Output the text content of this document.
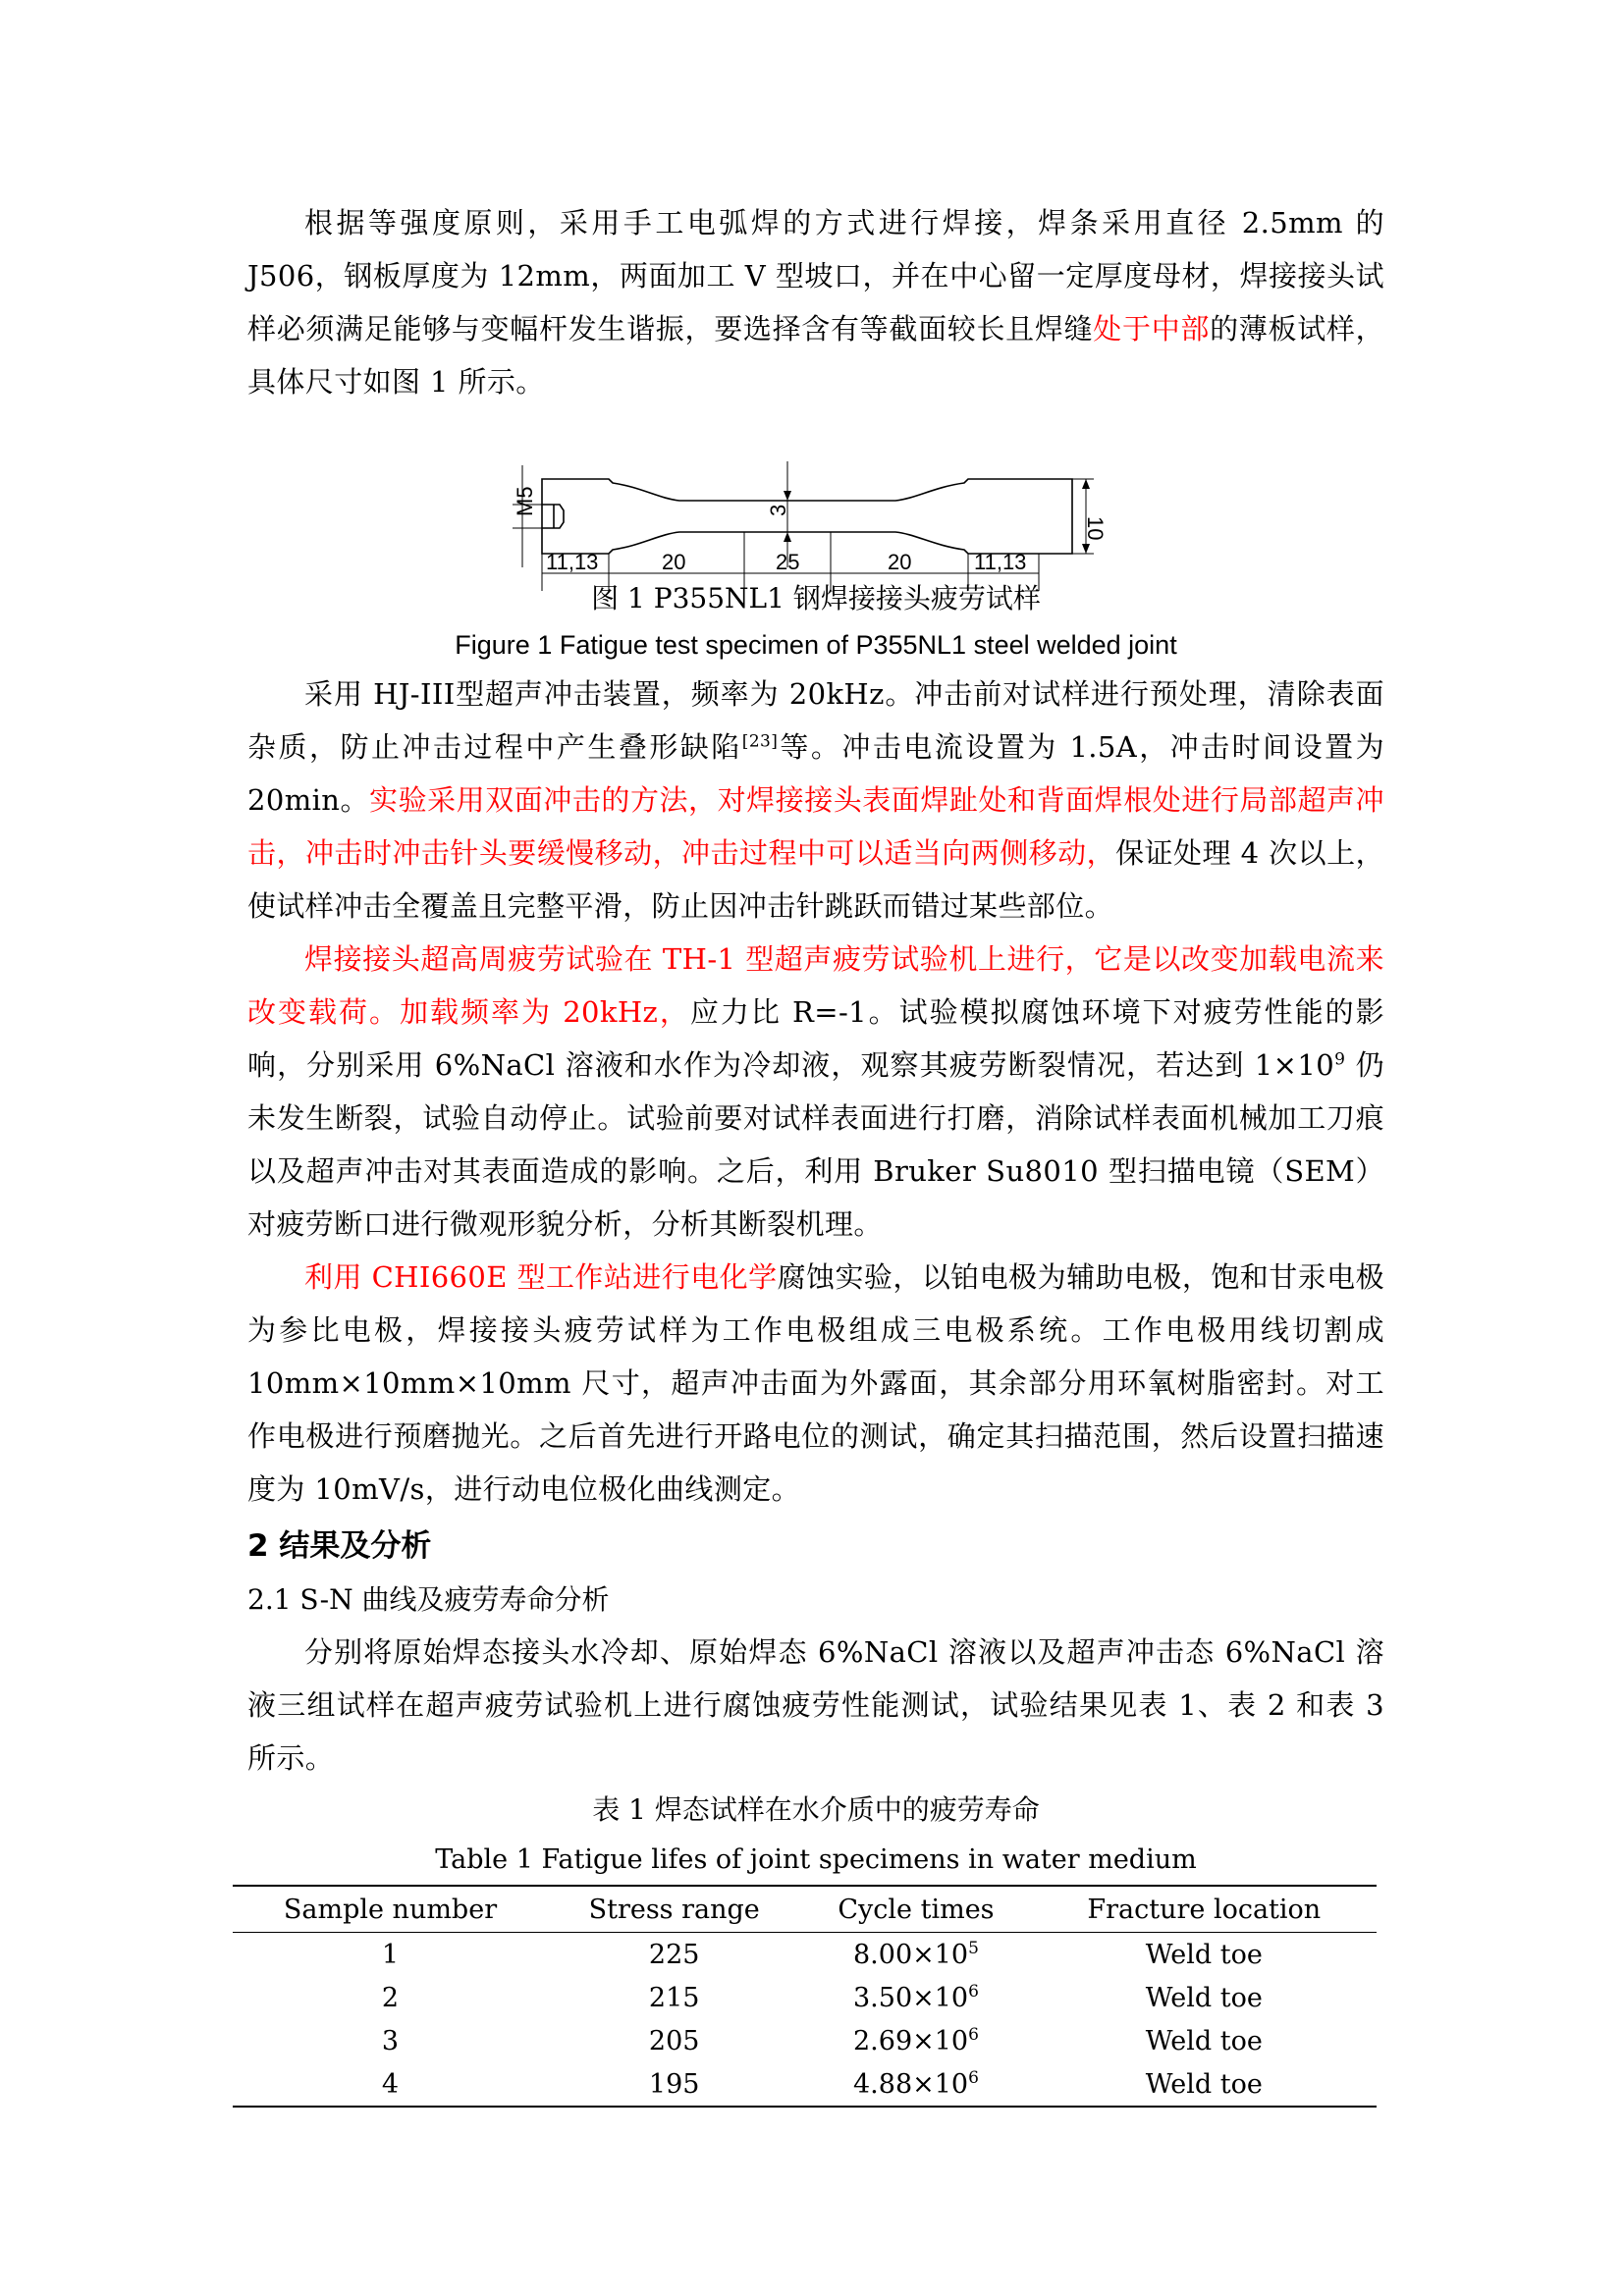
根据等强度原则，采用手工电弧焊的方式进行焊接，焊条采用直径 2.5mm 的 J506，钢板厚度为 12mm，两面加工 V 型坡口，并在中心留一定厚度母材，焊接接头试样必须满足能够与变幅杆发生谐振，要选择含有等截面较长且焊缝处于中部的薄板试样，具体尺寸如图 1 所示。

M5	3
10
11,13	20	25	20	11,13

图 1 P355NL1 钢焊接接头疲劳试样

Figure 1 Fatigue test specimen of P355NL1 steel welded joint

采用 HJ-III型超声冲击装置，频率为 20kHz。冲击前对试样进行预处理，清除表面杂质，防止冲击过程中产生叠形缺陷[23]等。冲击电流设置为 1.5A，冲击时间设置为 20min。实验采用双面冲击的方法，对焊接接头表面焊趾处和背面焊根处进行局部超声冲击，冲击时冲击针头要缓慢移动，冲击过程中可以适当向两侧移动，保证处理 4 次以上，使试样冲击全覆盖且完整平滑，防止因冲击针跳跃而错过某些部位。

焊接接头超高周疲劳试验在 TH-1 型超声疲劳试验机上进行，它是以改变加载电流来改变载荷。加载频率为 20kHz，应力比 R=-1。试验模拟腐蚀环境下对疲劳性能的影响，分别采用 6%NaCl 溶液和水作为冷却液，观察其疲劳断裂情况，若达到 $1\times 10^9$ 仍未发生断裂，试验自动停止。试验前要对试样表面进行打磨，消除试样表面机械加工刀痕以及超声冲击对其表面造成的影响。之后，利用 Bruker Su8010 型扫描电镜（SEM）对疲劳断口进行微观形貌分析，分析其断裂机理。

利用 CHI660E 型工作站进行电化学腐蚀实验，以铂电极为辅助电极，饱和甘汞电极为参比电极，焊接接头疲劳试样为工作电极组成三电极系统。工作电极用线切割成 10mm×10mm×10mm 尺寸，超声冲击面为外露面，其余部分用环氧树脂密封。对工作电极进行预磨抛光。之后首先进行开路电位的测试，确定其扫描范围，然后设置扫描速度为 10mV/s，进行动电位极化曲线测定。

2 结果及分析

2.1 S-N 曲线及疲劳寿命分析

分别将原始焊态接头水冷却、原始焊态 6%NaCl 溶液以及超声冲击态 6%NaCl 溶液三组试样在超声疲劳试验机上进行腐蚀疲劳性能测试，试验结果见表 1、表 2 和表 3 所示。

表 1 焊态试样在水介质中的疲劳寿命

Table 1 Fatigue lifes of joint specimens in water medium

Sample number	Stress range	Cycle times	Fracture location
1	225	$8.00\times 10^5$	Weld toe
2	215	$3.50\times 10^6$	Weld toe
3	205	$2.69\times 10^6$	Weld toe
4	195	$4.88\times 10^6$	Weld toe
